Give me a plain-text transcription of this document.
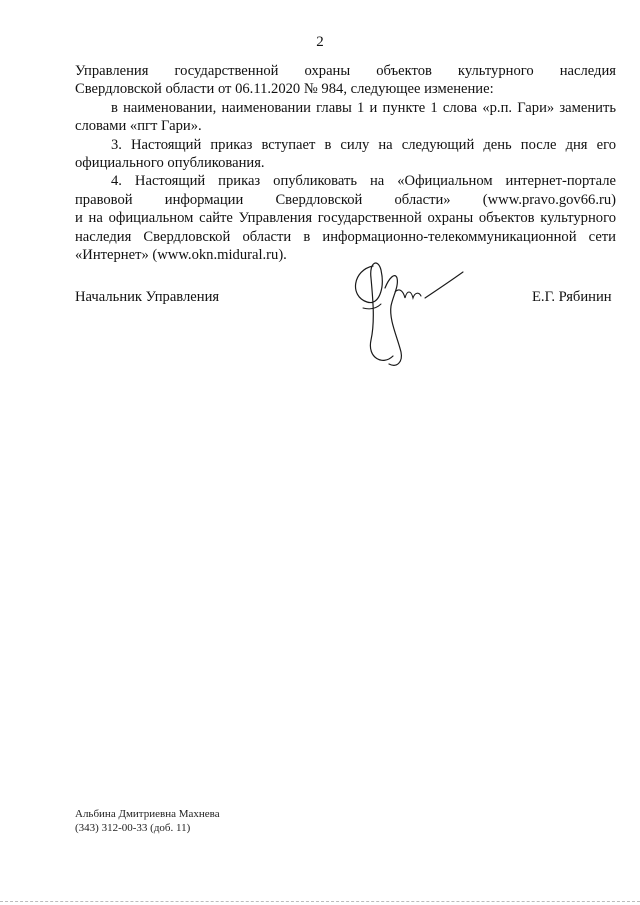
2

Управления государственной охраны объектов культурного наследия

Свердловской области от 06.11.2020 № 984, следующее изменение:

в наименовании, наименовании главы 1 и пункте 1 слова «р.п. Гари» заменить словами «пгт Гари».

3. Настоящий приказ вступает в силу на следующий день после дня его официального опубликования.

4. Настоящий приказ опубликовать на «Официальном интернет-портале

правовой информации Свердловской области» (www.pravo.gov66.ru)

и на официальном сайте Управления государственной охраны объектов культурного наследия Свердловской области в информационно-телекоммуникационной сети «Интернет» (www.okn.midural.ru).

Начальник Управления	Е.Г. Рябинин
Альбина Дмитриевна Махнева
(343) 312-00-33 (доб. 11)
